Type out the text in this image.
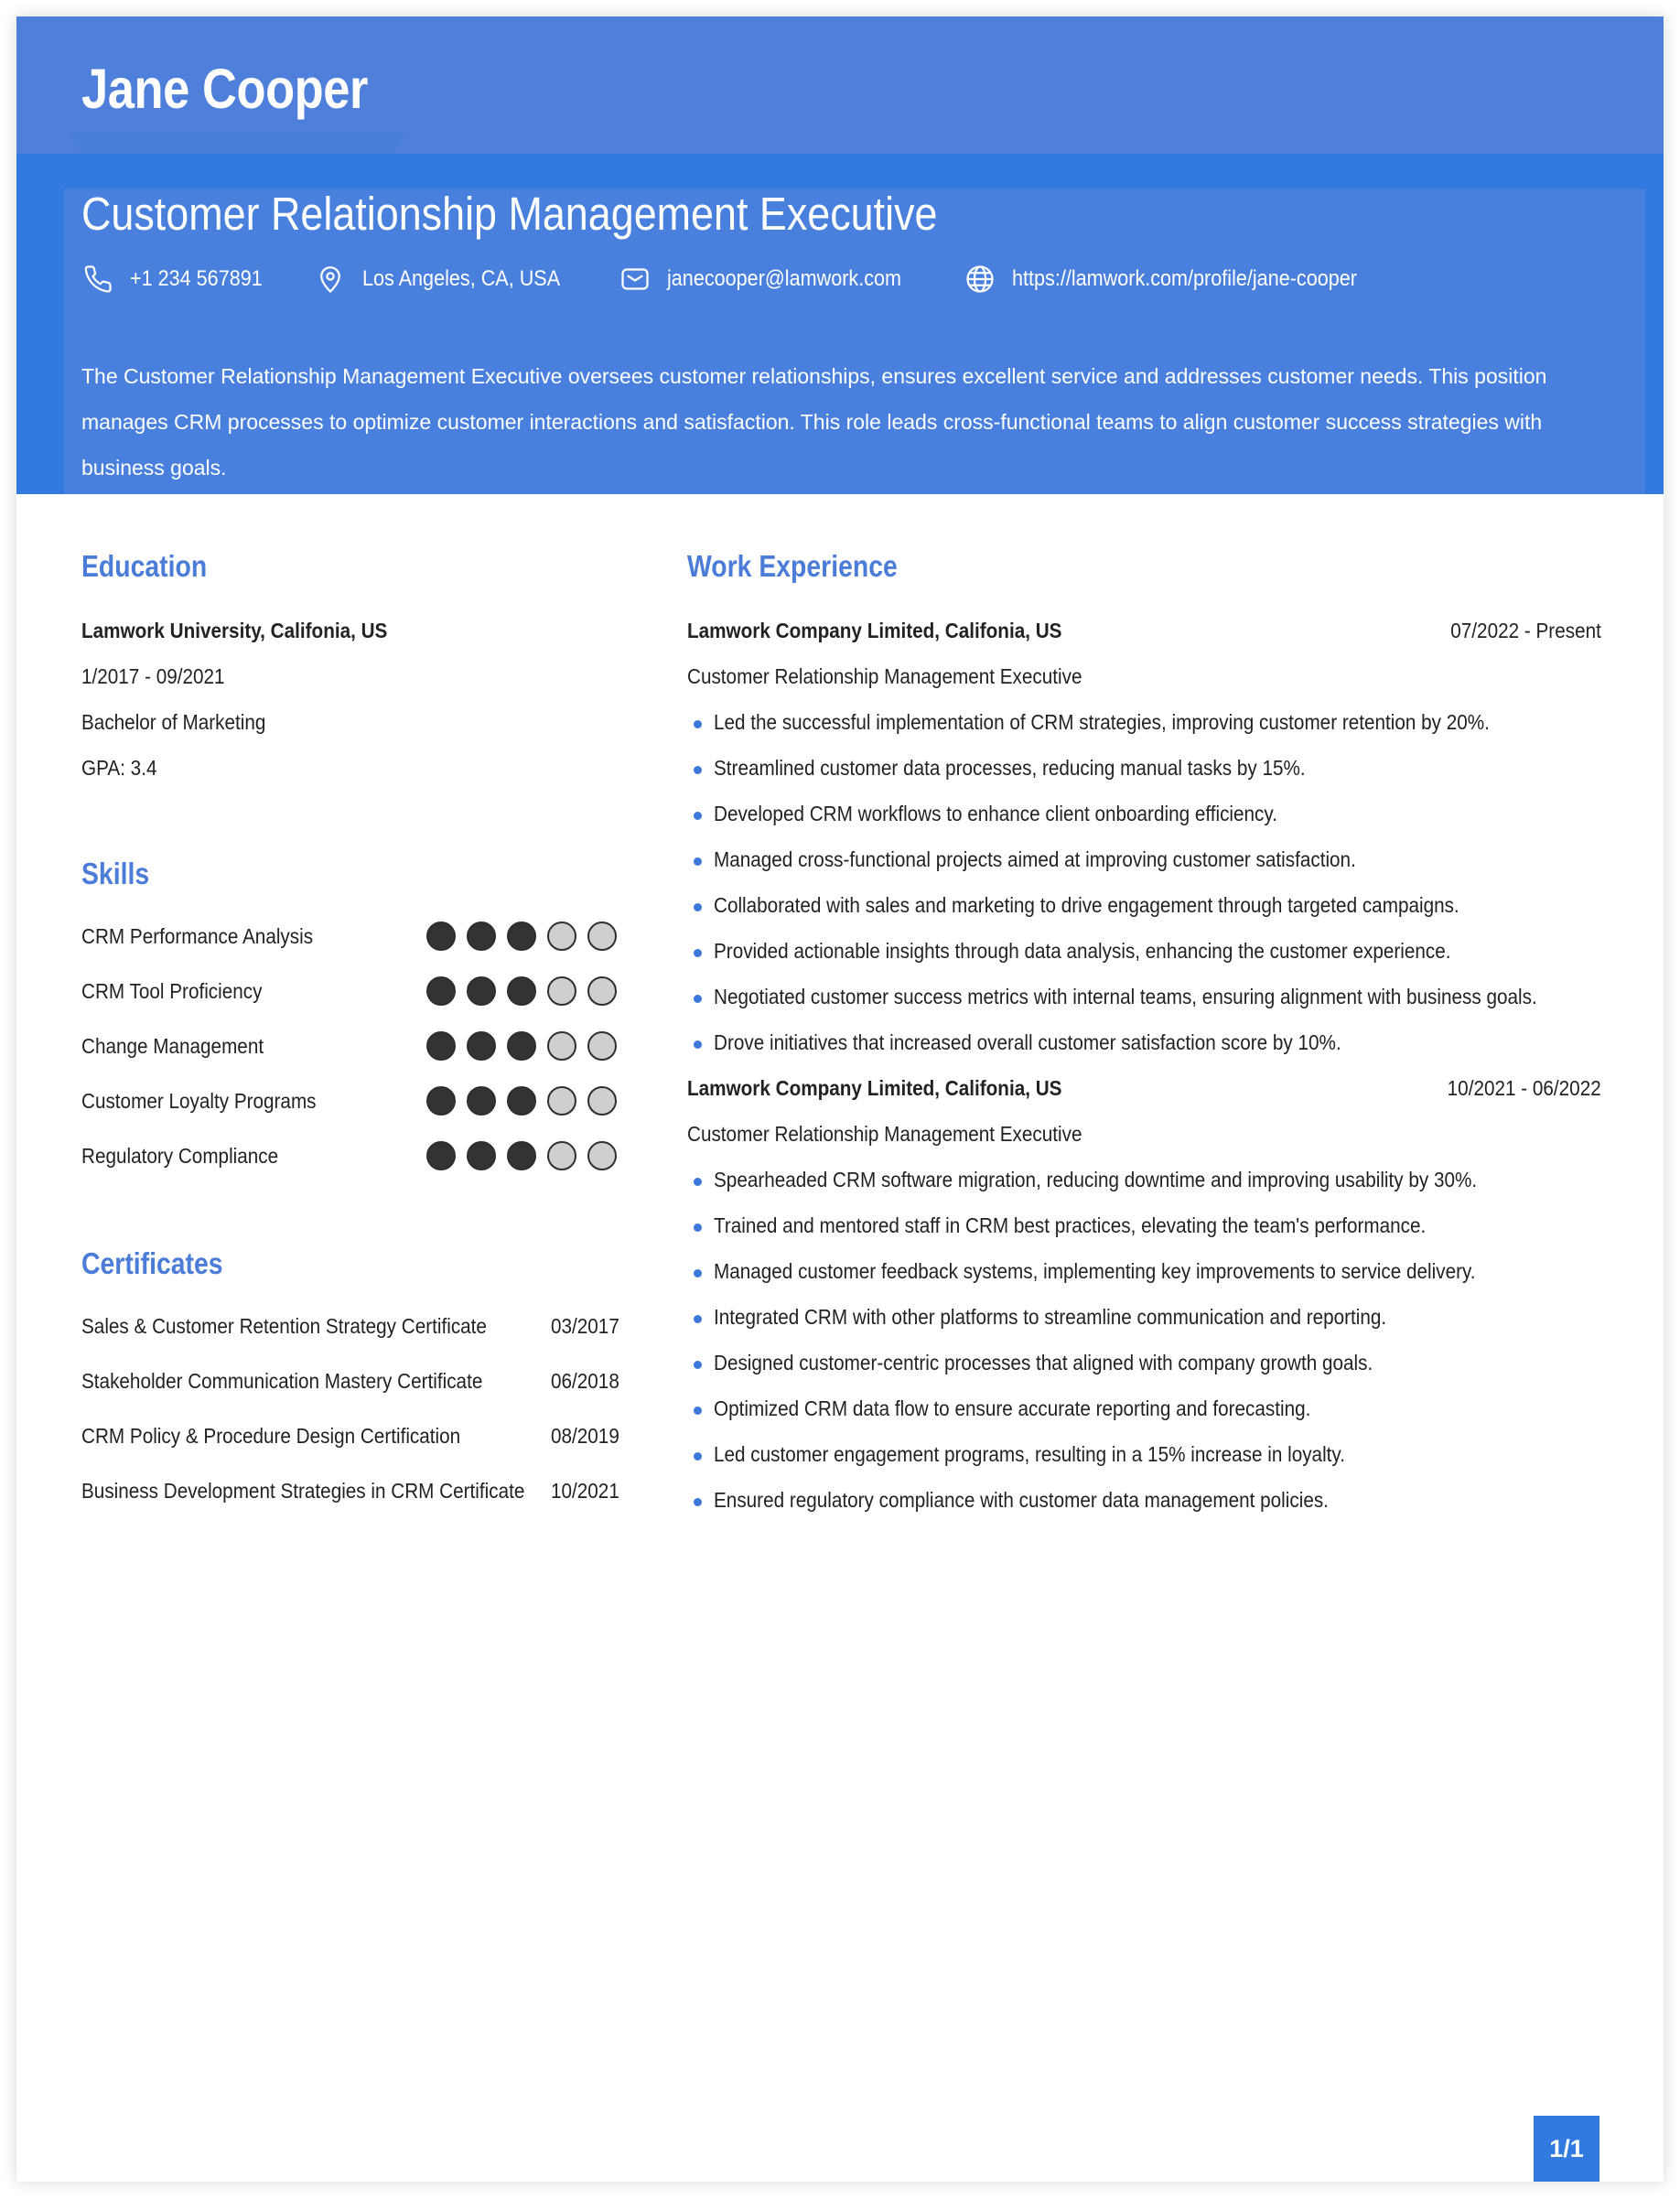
Jane Cooper
Customer Relationship Management Executive
+1 234 567891	Los Angeles, CA, USA	janecooper@lamwork.com	https://lamwork.com/profile/jane-cooper
The Customer Relationship Management Executive oversees customer relationships, ensures excellent service and addresses customer needs. This position manages CRM processes to optimize customer interactions and satisfaction. This role leads cross-functional teams to align customer success strategies with business goals.
Education
Lamwork University, Califonia, US
1/2017 - 09/2021
Bachelor of Marketing
GPA: 3.4
Skills
CRM Performance Analysis
CRM Tool Proficiency
Change Management
Customer Loyalty Programs
Regulatory Compliance
Certificates
Sales & Customer Retention Strategy Certificate	03/2017
Stakeholder Communication Mastery Certificate	06/2018
CRM Policy & Procedure Design Certification	08/2019
Business Development Strategies in CRM Certificate 10/2021
Work Experience
Lamwork Company Limited, Califonia, US	07/2022 - Present
Customer Relationship Management Executive
Led the successful implementation of CRM strategies, improving customer retention by 20%.
Streamlined customer data processes, reducing manual tasks by 15%.
Developed CRM workflows to enhance client onboarding efficiency.
Managed cross-functional projects aimed at improving customer satisfaction.
Collaborated with sales and marketing to drive engagement through targeted campaigns.
Provided actionable insights through data analysis, enhancing the customer experience.
Negotiated customer success metrics with internal teams, ensuring alignment with business goals.
Drove initiatives that increased overall customer satisfaction score by 10%.
Lamwork Company Limited, Califonia, US	10/2021 - 06/2022
Customer Relationship Management Executive
Spearheaded CRM software migration, reducing downtime and improving usability by 30%.
Trained and mentored staff in CRM best practices, elevating the team's performance.
Managed customer feedback systems, implementing key improvements to service delivery.
Integrated CRM with other platforms to streamline communication and reporting.
Designed customer-centric processes that aligned with company growth goals.
Optimized CRM data flow to ensure accurate reporting and forecasting.
Led customer engagement programs, resulting in a 15% increase in loyalty.
Ensured regulatory compliance with customer data management policies.
1/1
